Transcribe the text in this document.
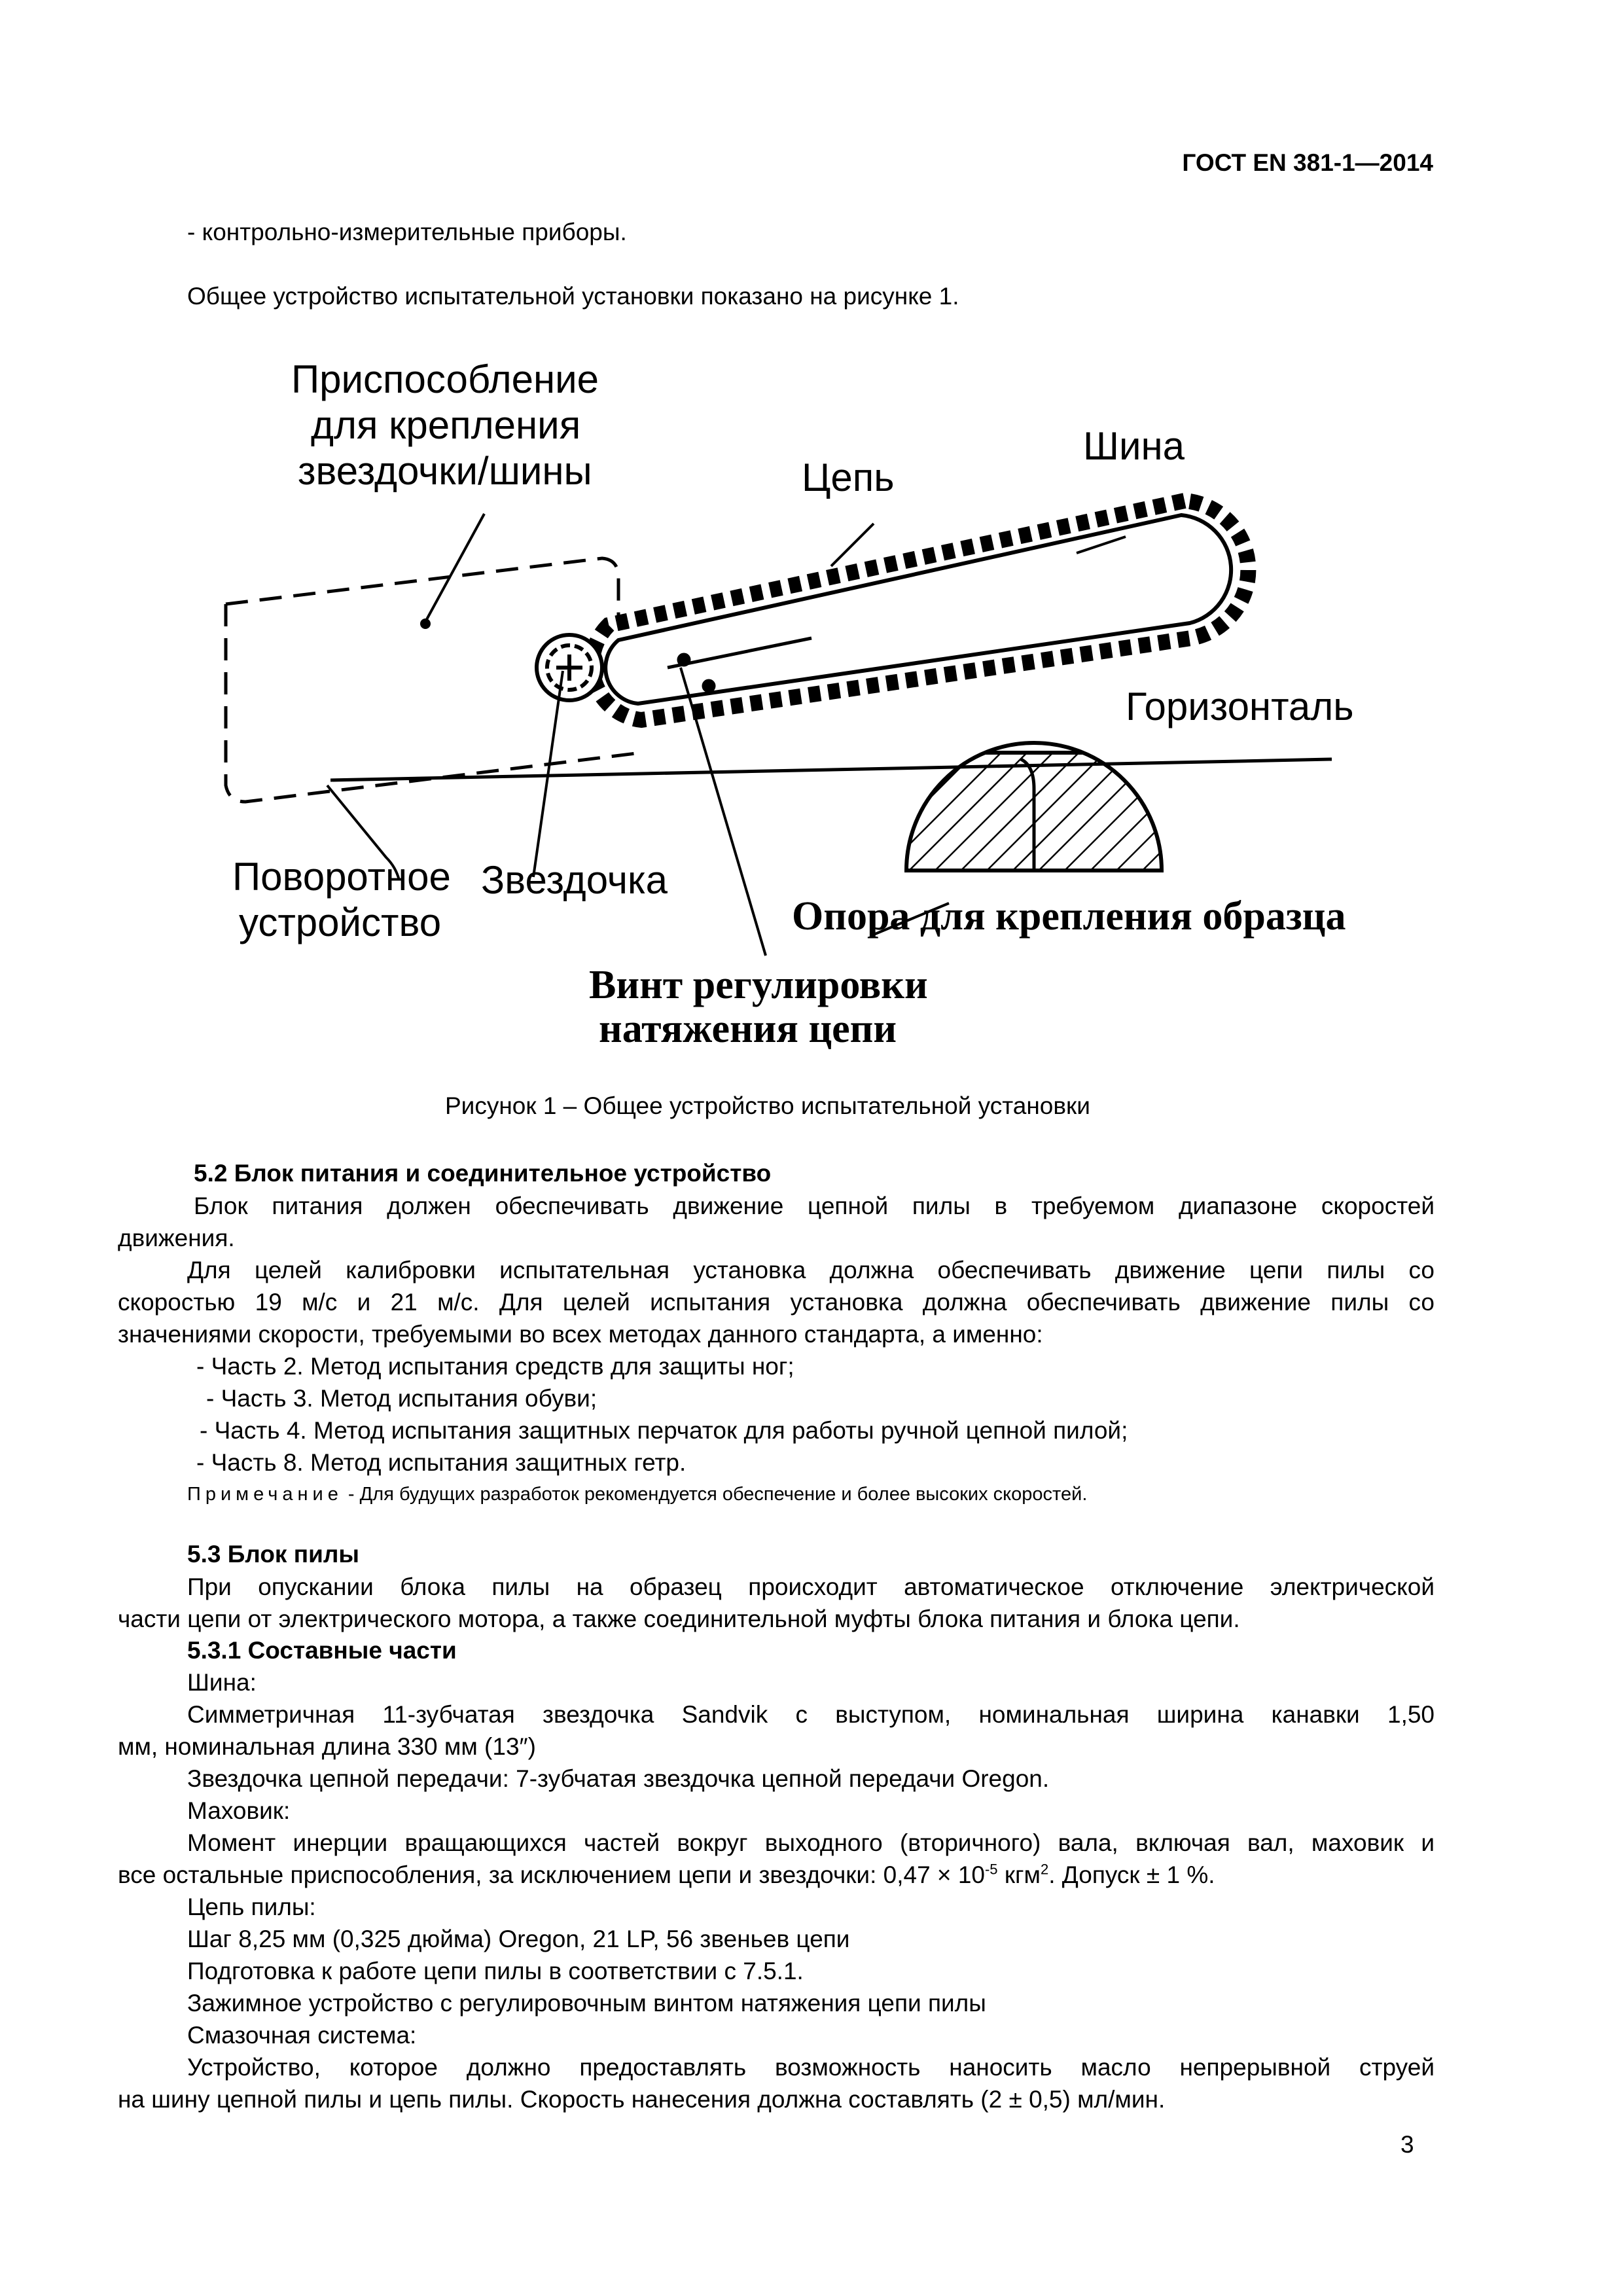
ГОСТ EN 381-1—2014
- контрольно-измерительные приборы.
Общее устройство испытательной установки показано на рисунке 1.
Приспособление
для крепления
звездочки/шины	Цепь
Шина
Горизонталь
Поворотное
устройство
Звездочка
Опора для крепления образца
Винт регулировки
натяжения цепи
Рисунок 1 – Общее устройство испытательной установки
5.2 Блок питания и соединительное устройство
Блок питания должен обеспечивать движение цепной пилы в требуемом диапазоне скоростей
движения.
Для целей калибровки испытательная установка должна обеспечивать движение цепи пилы со
скоростью 19 м/с и 21 м/с. Для целей испытания установка должна обеспечивать движение пилы со
значениями скорости, требуемыми во всех методах данного стандарта, а именно:
- Часть 2. Метод испытания средств для защиты ног;
- Часть 3. Метод испытания обуви;
- Часть 4. Метод испытания защитных перчаток для работы ручной цепной пилой;
- Часть 8. Метод испытания защитных гетр.
Примечание - Для будущих разработок рекомендуется обеспечение и более высоких скоростей.
5.3 Блок пилы
При опускании блока пилы на образец происходит автоматическое отключение электрической
части цепи от электрического мотора, а также соединительной муфты блока питания и блока цепи.
5.3.1 Составные части
Шина:
Симметричная 11-зубчатая звездочка Sandvik с выступом, номинальная ширина канавки 1,50
мм, номинальная длина 330 мм (13″)
Звездочка цепной передачи: 7-зубчатая звездочка цепной передачи Oregon.
Маховик:
Момент инерции вращающихся частей вокруг выходного (вторичного) вала, включая вал, маховик и
все остальные приспособления, за исключением цепи и звездочки: $0,47 \times 10^{-5}$ кгм$^2$. Допуск ± 1 %.
Цепь пилы:
Шаг 8,25 мм (0,325 дюйма) Oregon, 21 LP, 56 звеньев цепи
Подготовка к работе цепи пилы в соответствии с 7.5.1.
Зажимное устройство с регулировочным винтом натяжения цепи пилы
Смазочная система:
Устройство, которое должно предоставлять возможность наносить масло непрерывной струей
на шину цепной пилы и цепь пилы. Скорость нанесения должна составлять (2 ± 0,5) мл/мин.
3
